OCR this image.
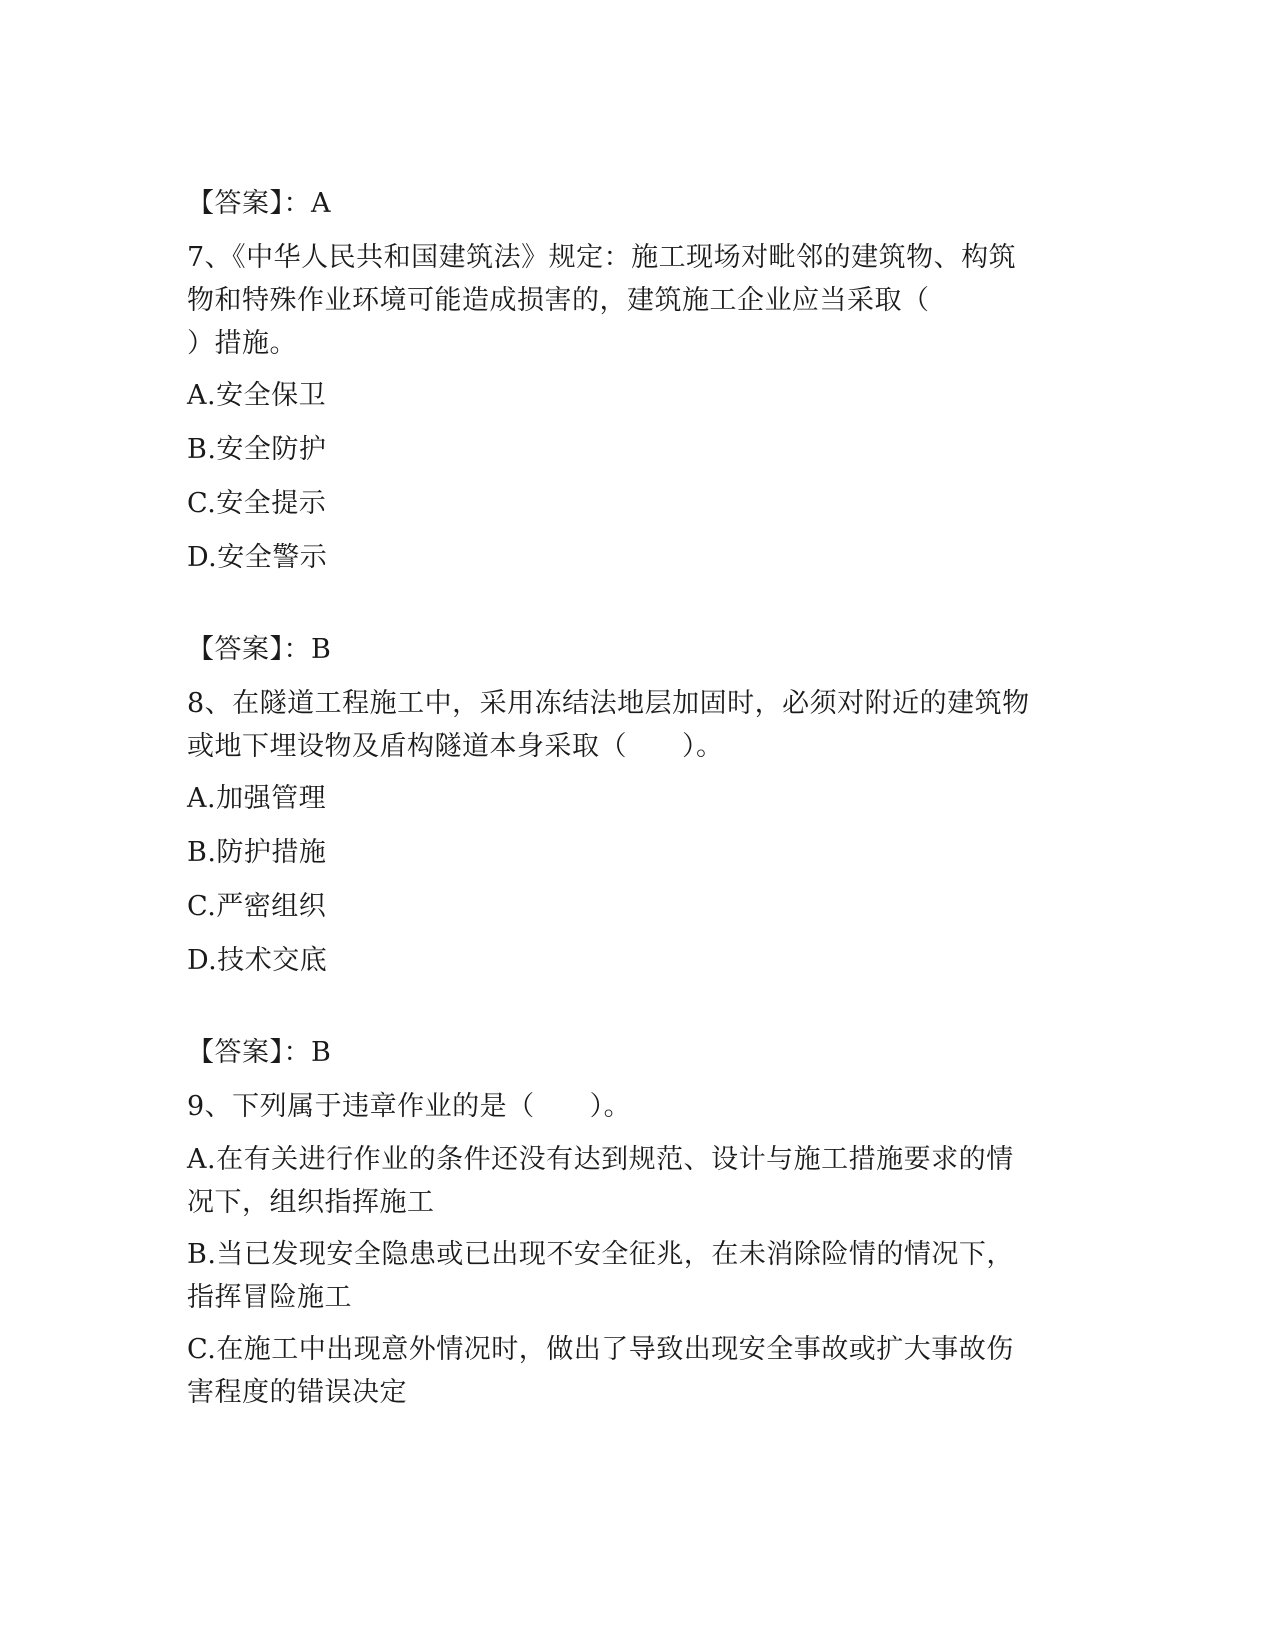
【答案】：A
7、《中华人民共和国建筑法》规定：施工现场对毗邻的建筑物、构筑
物和特殊作业环境可能造成损害的，建筑施工企业应当采取（
）措施。
A.安全保卫
B.安全防护
C.安全提示
D.安全警示
【答案】：B
8、在隧道工程施工中，采用冻结法地层加固时，必须对附近的建筑物
或地下埋设物及盾构隧道本身采取（　　）。
A.加强管理
B.防护措施
C.严密组织
D.技术交底
【答案】：B
9、下列属于违章作业的是（　　）。
A.在有关进行作业的条件还没有达到规范、设计与施工措施要求的情
况下，组织指挥施工
B.当已发现安全隐患或已出现不安全征兆，在未消除险情的情况下，
指挥冒险施工
C.在施工中出现意外情况时，做出了导致出现安全事故或扩大事故伤
害程度的错误决定
